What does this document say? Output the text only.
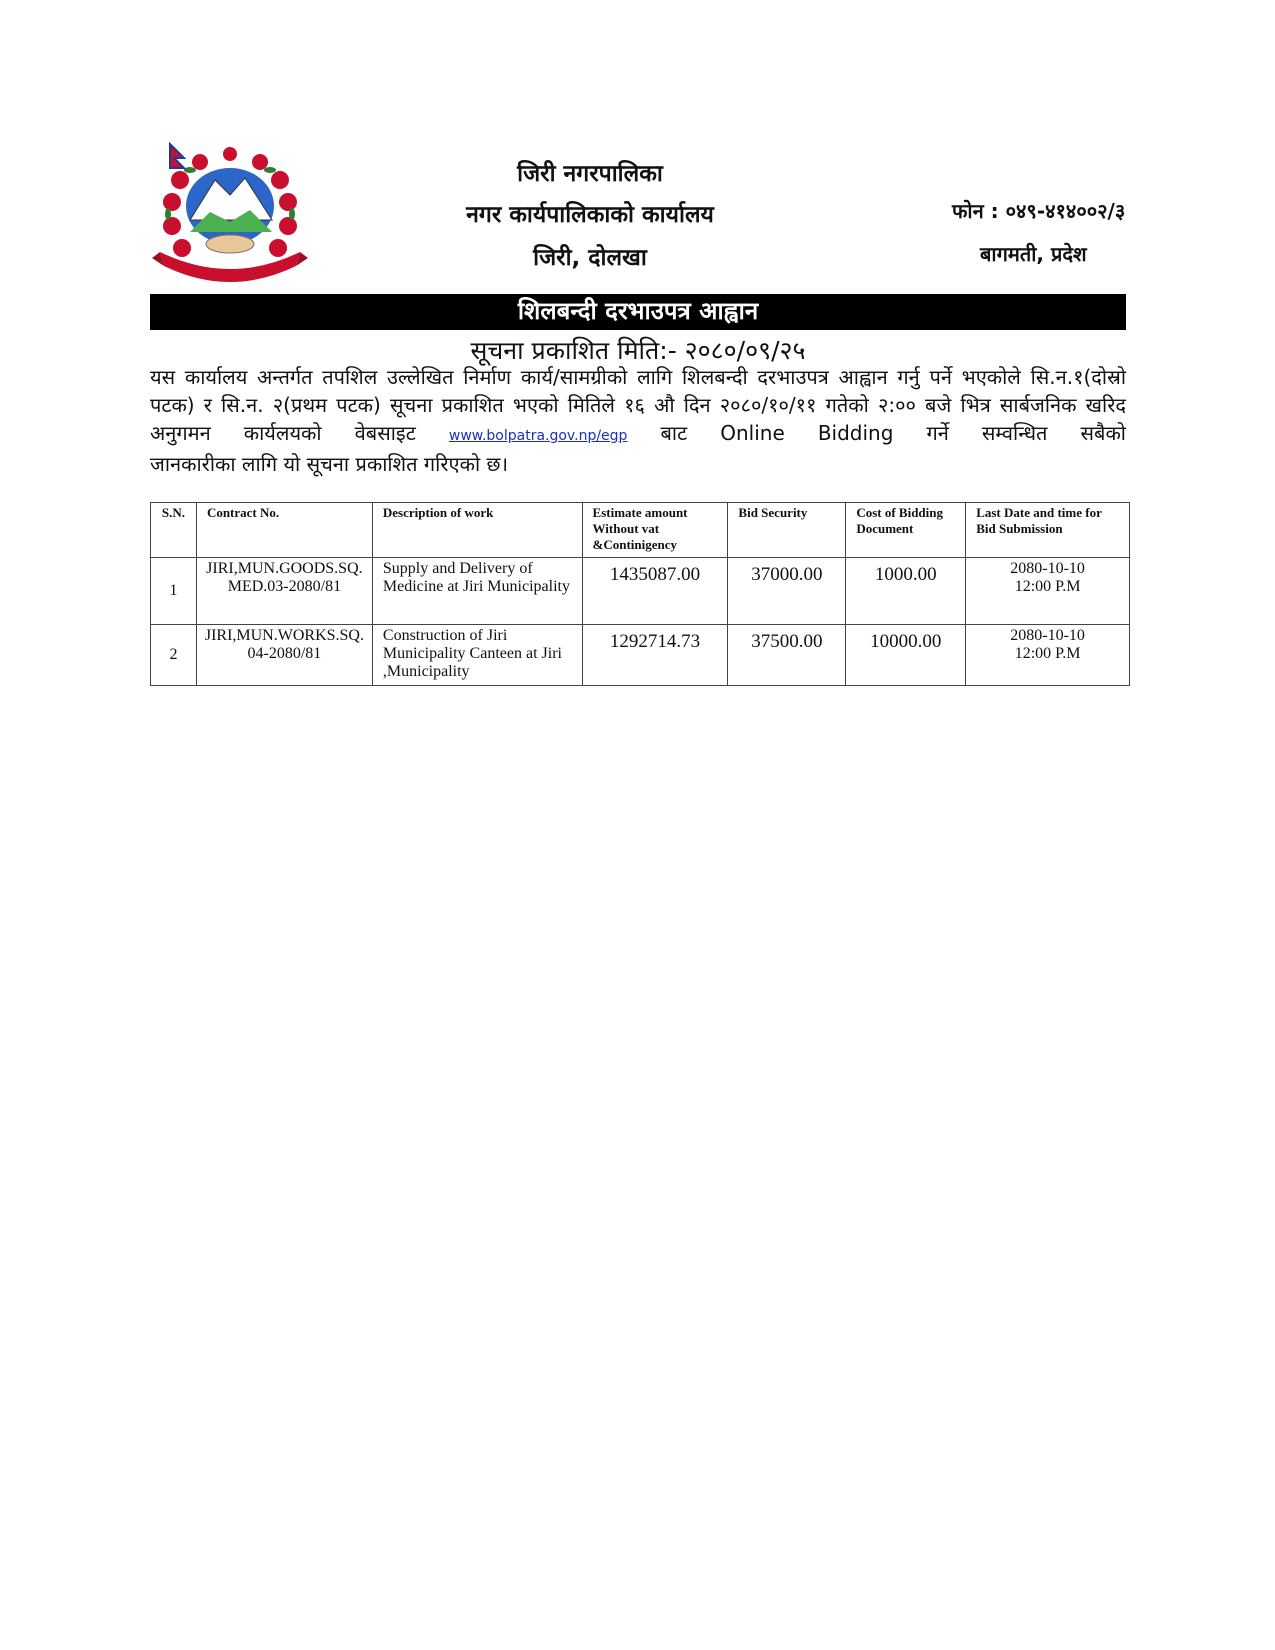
जिरी नगरपालिका
नगर कार्यपालिकाको कार्यालय
जिरी, दोलखा
फोन : ०४९-४१४००२/३
बागमती, प्रदेश
शिलबन्दी दरभाउपत्र आह्वान
सूचना प्रकाशित मिति:- २०८०/०९/२५
यस कार्यालय अन्तर्गत तपशिल उल्लेखित निर्माण कार्य/सामग्रीको लागि शिलबन्दी दरभाउपत्र आह्वान गर्नु पर्ने भएकोले सि.न.१(दोस्रो पटक) र सि.न. २(प्रथम पटक) सूचना प्रकाशित भएको मितिले १६ औ दिन २०८०/१०/११ गतेको २:०० बजे भित्र सार्बजनिक खरिद अनुगमन कार्यलयको वेबसाइट www.bolpatra.gov.np/egp बाट Online Bidding गर्ने सम्वन्धित सबैको
जानकारीका लागि यो सूचना प्रकाशित गरिएको छ।
S.N.	Contract No.	Description of work	Estimate amount Without vat &Continigency	Bid Security	Cost of Bidding Document	Last Date and time for Bid Submission
1	JIRI,MUN.GOODS.SQ. MED.03-2080/81	Supply and Delivery of Medicine at Jiri Municipality	1435087.00	37000.00	1000.00	2080-10-10
12:00 P.M

2	JIRI,MUN.WORKS.SQ. 04-2080/81	Construction of Jiri Municipality Canteen at Jiri ,Municipality	1292714.73	37500.00	10000.00	2080-10-10
12:00 P.M
